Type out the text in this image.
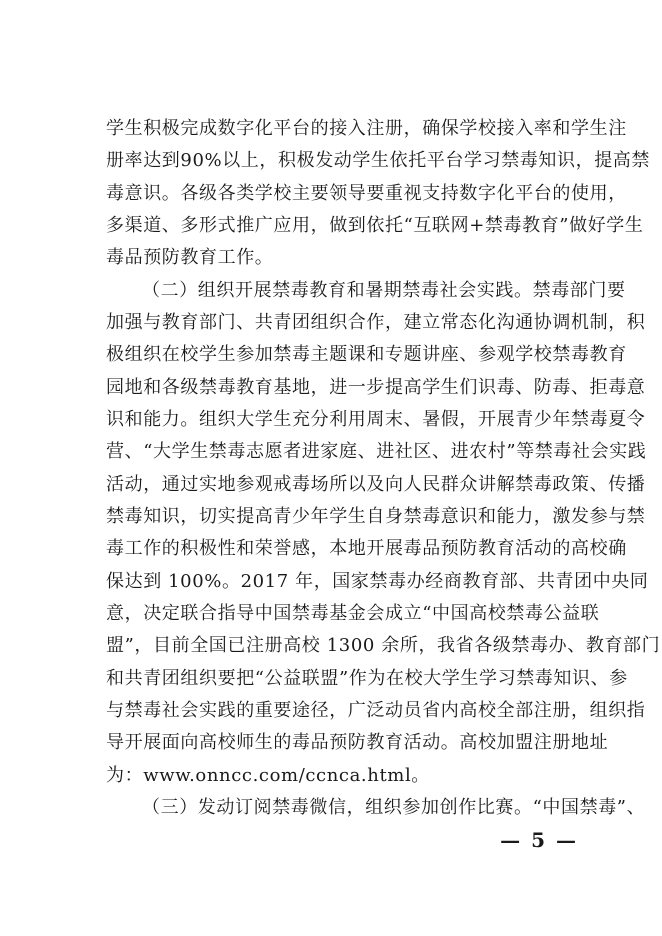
学生积极完成数字化平台的接入注册，确保学校接入率和学生注
册率达到90%以上，积极发动学生依托平台学习禁毒知识，提高禁
毒意识。各级各类学校主要领导要重视支持数字化平台的使用，
多渠道、多形式推广应用，做到依托“互联网+禁毒教育”做好学生
毒品预防教育工作。
（二）组织开展禁毒教育和暑期禁毒社会实践。禁毒部门要
加强与教育部门、共青团组织合作，建立常态化沟通协调机制，积
极组织在校学生参加禁毒主题课和专题讲座、参观学校禁毒教育
园地和各级禁毒教育基地，进一步提高学生们识毒、防毒、拒毒意
识和能力。组织大学生充分利用周末、暑假，开展青少年禁毒夏令
营、“大学生禁毒志愿者进家庭、进社区、进农村”等禁毒社会实践
活动，通过实地参观戒毒场所以及向人民群众讲解禁毒政策、传播
禁毒知识，切实提高青少年学生自身禁毒意识和能力，激发参与禁
毒工作的积极性和荣誉感，本地开展毒品预防教育活动的高校确
保达到 100%。2017 年，国家禁毒办经商教育部、共青团中央同
意，决定联合指导中国禁毒基金会成立“中国高校禁毒公益联
盟”，目前全国已注册高校 1300 余所，我省各级禁毒办、教育部门
和共青团组织要把“公益联盟”作为在校大学生学习禁毒知识、参
与禁毒社会实践的重要途径，广泛动员省内高校全部注册，组织指
导开展面向高校师生的毒品预防教育活动。高校加盟注册地址
为：www.onncc.com/ccnca.html。
（三）发动订阅禁毒微信，组织参加创作比赛。“中国禁毒”、
— 5 —
